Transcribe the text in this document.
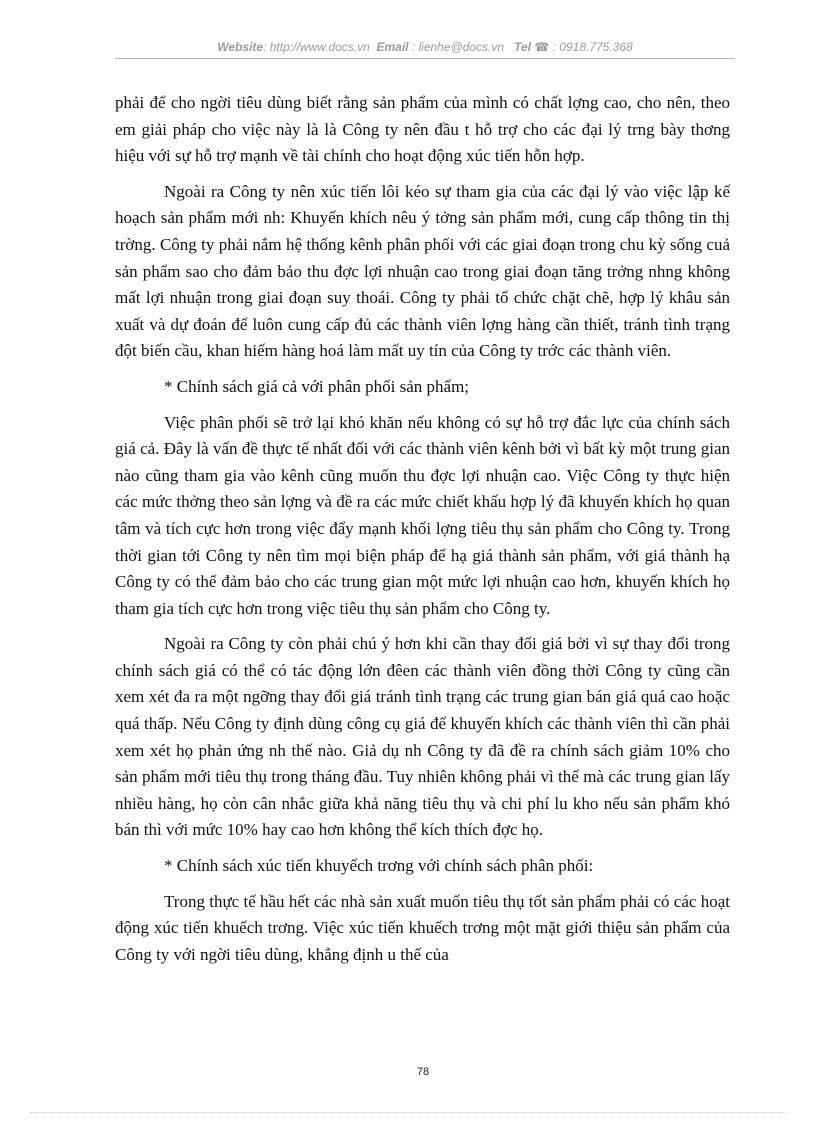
Website: http://www.docs.vn Email : lienhe@docs.vn Tel ☎ : 0918.775.368

phải để cho ngời tiêu dùng biết rằng sản phẩm của mình có chất lợng cao, cho nên, theo em giải pháp cho việc này là là Công ty nên đầu t hỗ trợ cho các đại lý trng bày thơng hiệu với sự hỗ trợ mạnh về tài chính cho hoạt động xúc tiến hỗn hợp.

Ngoài ra Công ty nên xúc tiến lôi kéo sự tham gia của các đại lý vào việc lập kế hoạch sản phẩm mới nh: Khuyến khích nêu ý tởng sản phẩm mới, cung cấp thông tin thị trờng. Công ty phải nắm hệ thống kênh phân phối với các giai đoạn trong chu kỳ sống cuả sản phẩm sao cho đảm bảo thu đợc lợi nhuận cao trong giai đoạn tăng trởng nhng không mất lợi nhuận trong giai đoạn suy thoái. Công ty phải tổ chức chặt chẽ, hợp lý khâu sản xuất và dự đoán để luôn cung cấp đủ các thành viên lợng hàng cần thiết, tránh tình trạng đột biến cầu, khan hiếm hàng hoá làm mất uy tín của Công ty trớc các thành viên.

* Chính sách giá cả với phân phối sản phẩm;

Việc phân phối sẽ trở lại khó khăn nếu không có sự hỗ trợ đắc lực của chính sách giá cả. Đây là vấn đề thực tế nhất đối với các thành viên kênh bởi vì bất kỳ một trung gian nào cũng tham gia vào kênh cũng muốn thu đợc lợi nhuận cao. Việc Công ty thực hiện các mức thởng theo sản lợng và đề ra các mức chiết khấu hợp lý đã khuyến khích họ quan tâm và tích cực hơn trong việc đẩy mạnh khối lợng tiêu thụ sản phẩm cho Công ty. Trong thời gian tới Công ty nên tìm mọi biện pháp để hạ giá thành sản phẩm, với giá thành hạ Công ty có thể đảm bảo cho các trung gian một mức lợi nhuận cao hơn, khuyến khích họ tham gia tích cực hơn trong việc tiêu thụ sản phẩm cho Công ty.

Ngoài ra Công ty còn phải chú ý hơn khi cần thay đổi giá bởi vì sự thay đổi trong chính sách giá có thể có tác động lớn đêen các thành viên đồng thời Công ty cũng cần xem xét đa ra một ngỡng thay đổi giá tránh tình trạng các trung gian bán giá quá cao hoặc quá thấp. Nếu Công ty định dùng công cụ giá để khuyến khích các thành viên thì cần phải xem xét họ phản ứng nh thế nào. Giả dụ nh Công ty đã đề ra chính sách giảm 10% cho sản phẩm mới tiêu thụ trong tháng đầu. Tuy nhiên không phải vì thế mà các trung gian lấy nhiều hàng, họ còn cân nhắc giữa khả năng tiêu thụ và chi phí lu kho nếu sản phẩm khó bán thì với mức 10% hay cao hơn không thể kích thích đợc họ.

* Chính sách xúc tiến khuyếch trơng với chính sách phân phối:

Trong thực tế hầu hết các nhà sản xuất muốn tiêu thụ tốt sản phẩm phải có các hoạt động xúc tiến khuếch trơng. Việc xúc tiến khuếch trơng một mặt giới thiệu sản phẩm của Công ty với ngời tiêu dùng, khẳng định u thế của

78
